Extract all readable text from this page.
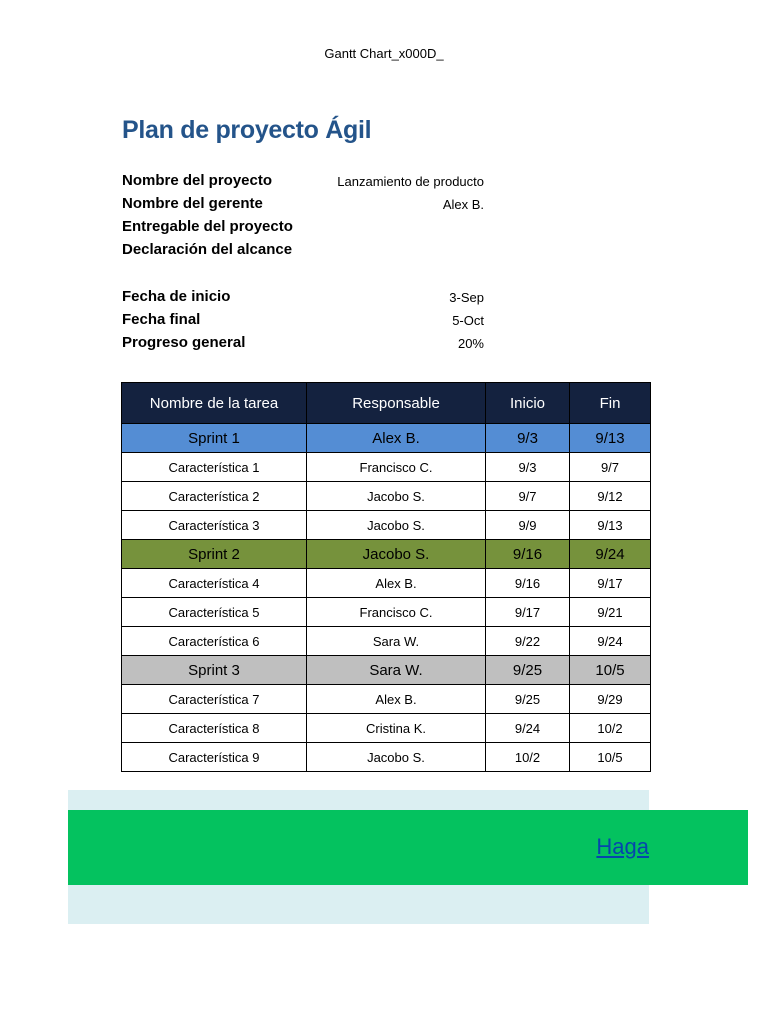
Gantt Chart_x000D_
Plan de proyecto Ágil
Nombre del proyecto	Lanzamiento de producto
Nombre del gerente	Alex B.
Entregable del proyecto
Declaración del alcance
Fecha de inicio	3-Sep
Fecha final	5-Oct
Progreso general	20%
Nombre de la tarea	Responsable	Inicio	Fin
Sprint 1	Alex B.	9/3	9/13
Característica 1	Francisco C.	9/3	9/7
Característica 2	Jacobo S.	9/7	9/12
Característica 3	Jacobo S.	9/9	9/13
Sprint 2	Jacobo S.	9/16	9/24
Característica 4	Alex B.	9/16	9/17
Característica 5	Francisco C.	9/17	9/21
Característica 6	Sara W.	9/22	9/24
Sprint 3	Sara W.	9/25	10/5
Característica 7	Alex B.	9/25	9/29
Característica 8	Cristina K.	9/24	10/2
Característica 9	Jacobo S.	10/2	10/5
Haga
